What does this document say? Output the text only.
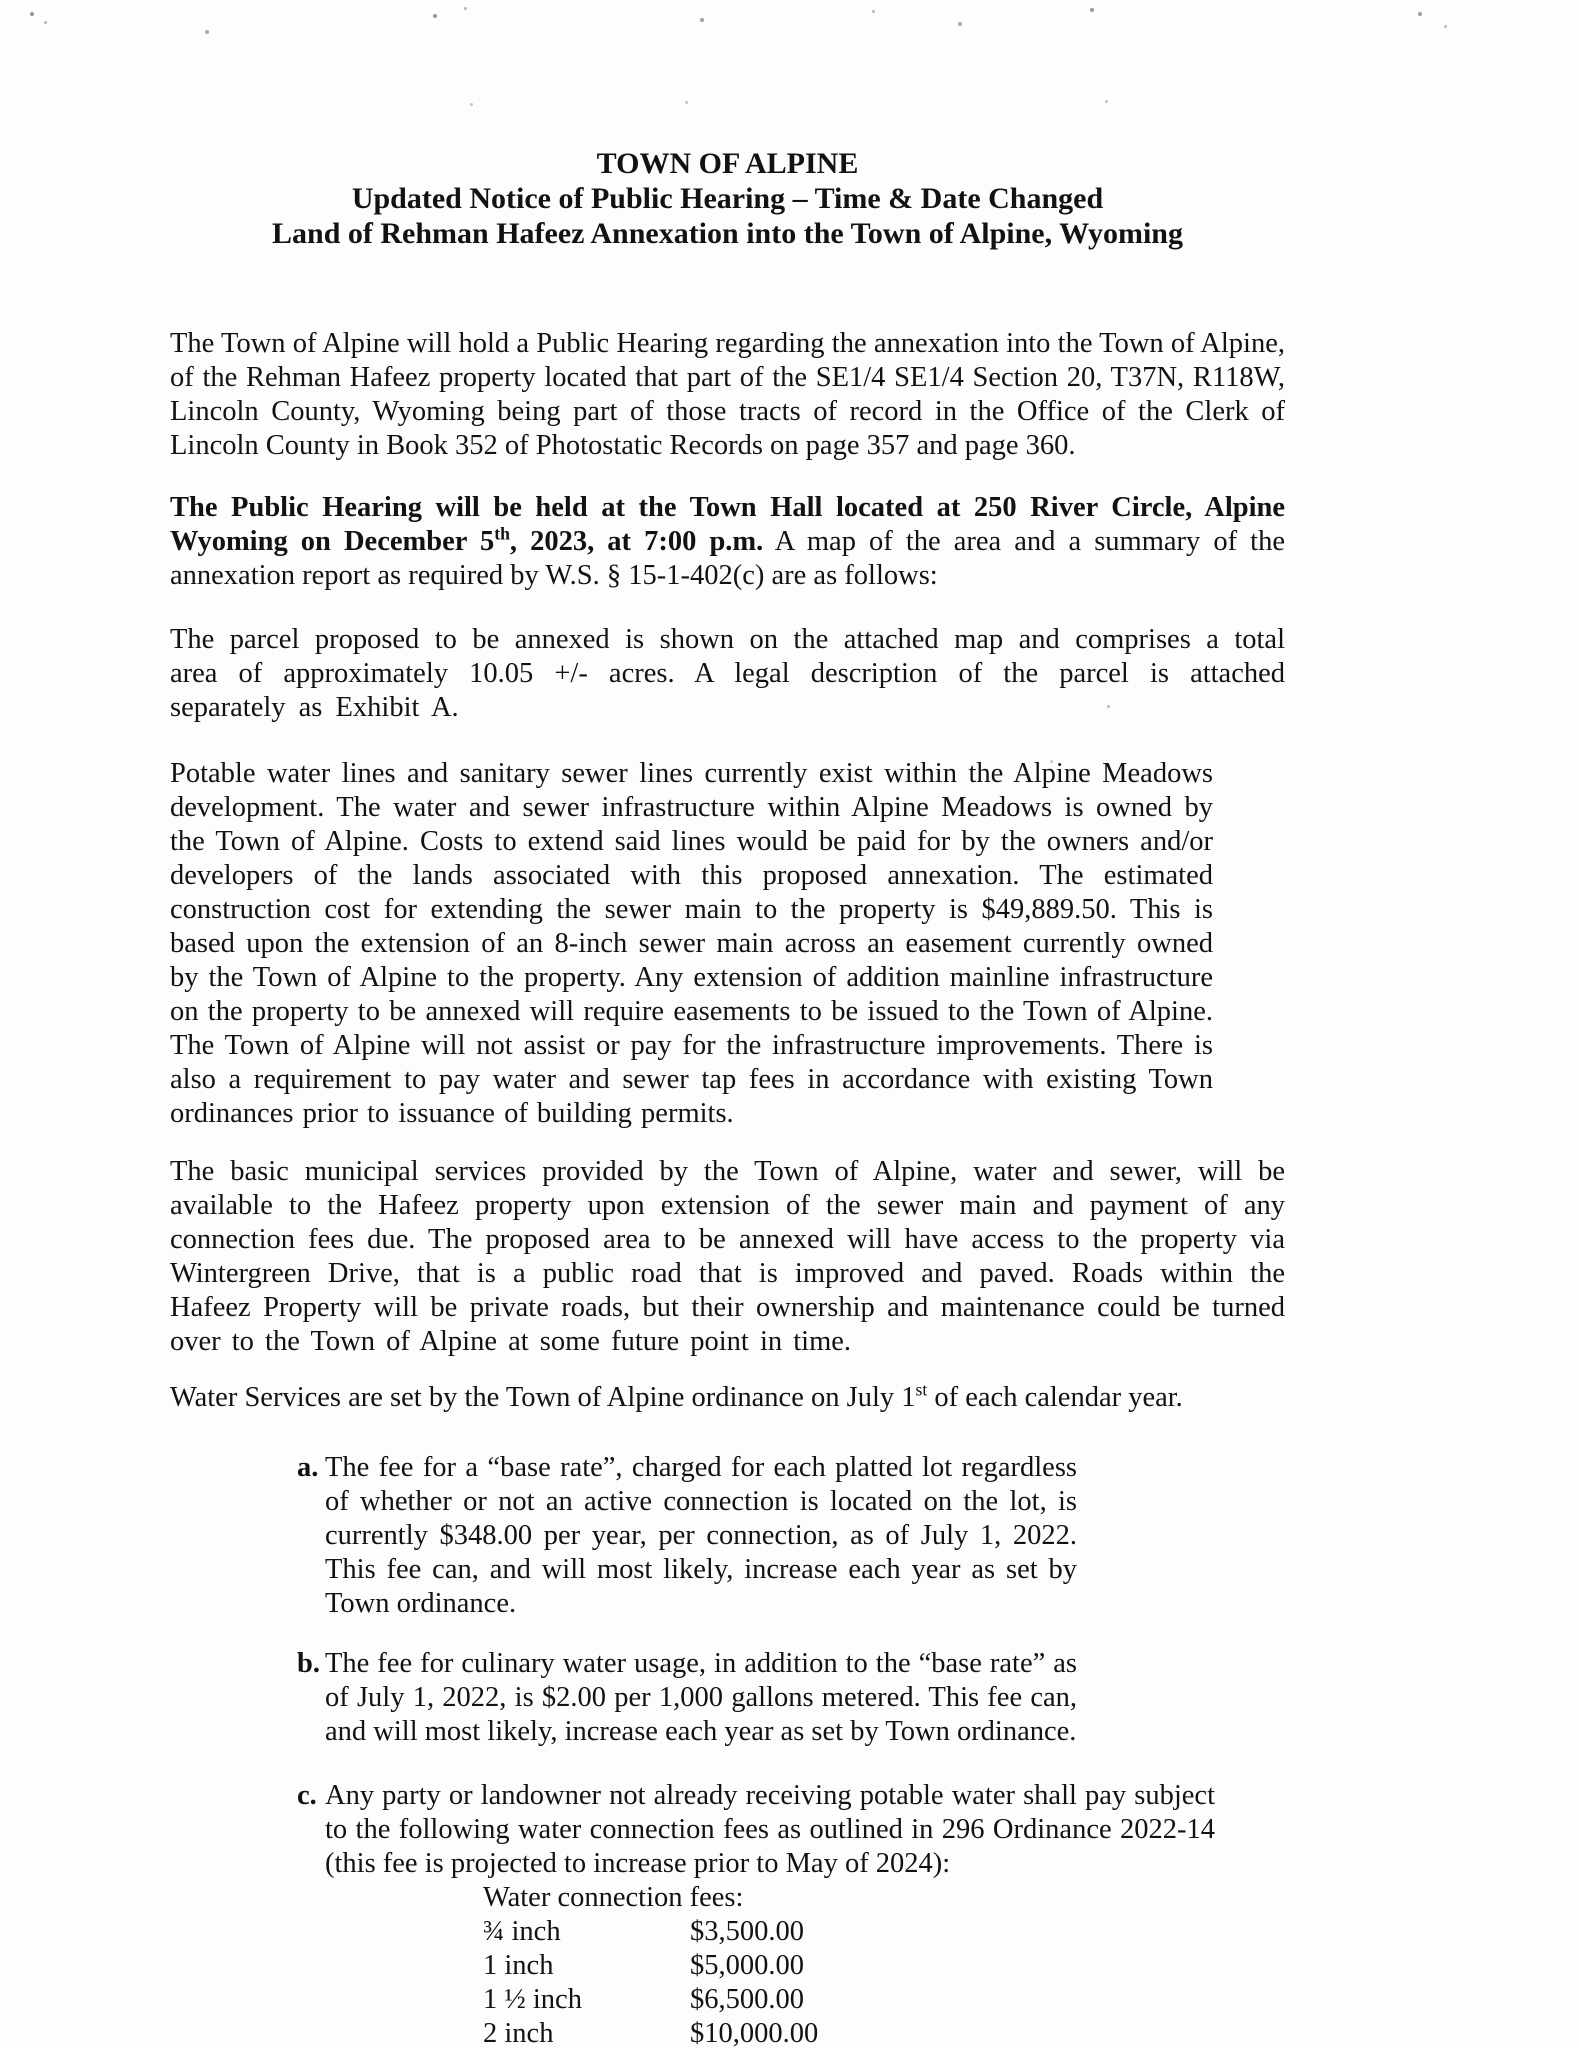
TOWN OF ALPINE
Updated Notice of Public Hearing – Time & Date Changed
Land of Rehman Hafeez Annexation into the Town of Alpine, Wyoming

The Town of Alpine will hold a Public Hearing regarding the annexation into the Town of Alpine, of the Rehman Hafeez property located that part of the SE1/4 SE1/4 Section 20, T37N, R118W, Lincoln County, Wyoming being part of those tracts of record in the Office of the Clerk of Lincoln County in Book 352 of Photostatic Records on page 357 and page 360.

The Public Hearing will be held at the Town Hall located at 250 River Circle, Alpine Wyoming on December 5th, 2023, at 7:00 p.m. A map of the area and a summary of the annexation report as required by W.S. § 15-1-402(c) are as follows:

The parcel proposed to be annexed is shown on the attached map and comprises a total area of approximately 10.05 +/- acres. A legal description of the parcel is attached separately as Exhibit A.

Potable water lines and sanitary sewer lines currently exist within the Alpine Meadows development. The water and sewer infrastructure within Alpine Meadows is owned by the Town of Alpine. Costs to extend said lines would be paid for by the owners and/or developers of the lands associated with this proposed annexation. The estimated construction cost for extending the sewer main to the property is $49,889.50. This is based upon the extension of an 8-inch sewer main across an easement currently owned by the Town of Alpine to the property. Any extension of addition mainline infrastructure on the property to be annexed will require easements to be issued to the Town of Alpine. The Town of Alpine will not assist or pay for the infrastructure improvements. There is also a requirement to pay water and sewer tap fees in accordance with existing Town ordinances prior to issuance of building permits.

The basic municipal services provided by the Town of Alpine, water and sewer, will be available to the Hafeez property upon extension of the sewer main and payment of any connection fees due. The proposed area to be annexed will have access to the property via Wintergreen Drive, that is a public road that is improved and paved. Roads within the Hafeez Property will be private roads, but their ownership and maintenance could be turned over to the Town of Alpine at some future point in time.

Water Services are set by the Town of Alpine ordinance on July 1st of each calendar year.

a. The fee for a “base rate”, charged for each platted lot regardless of whether or not an active connection is located on the lot, is currently $348.00 per year, per connection, as of July 1, 2022. This fee can, and will most likely, increase each year as set by Town ordinance.
b. The fee for culinary water usage, in addition to the “base rate” as of July 1, 2022, is $2.00 per 1,000 gallons metered. This fee can, and will most likely, increase each year as set by Town ordinance.
c. Any party or landowner not already receiving potable water shall pay subject to the following water connection fees as outlined in 296 Ordinance 2022-14 (this fee is projected to increase prior to May of 2024):
Water connection fees:
¾ inch	$3,500.00
1 inch	$5,000.00
1 ½ inch	$6,500.00
2 inch	$10,000.00
